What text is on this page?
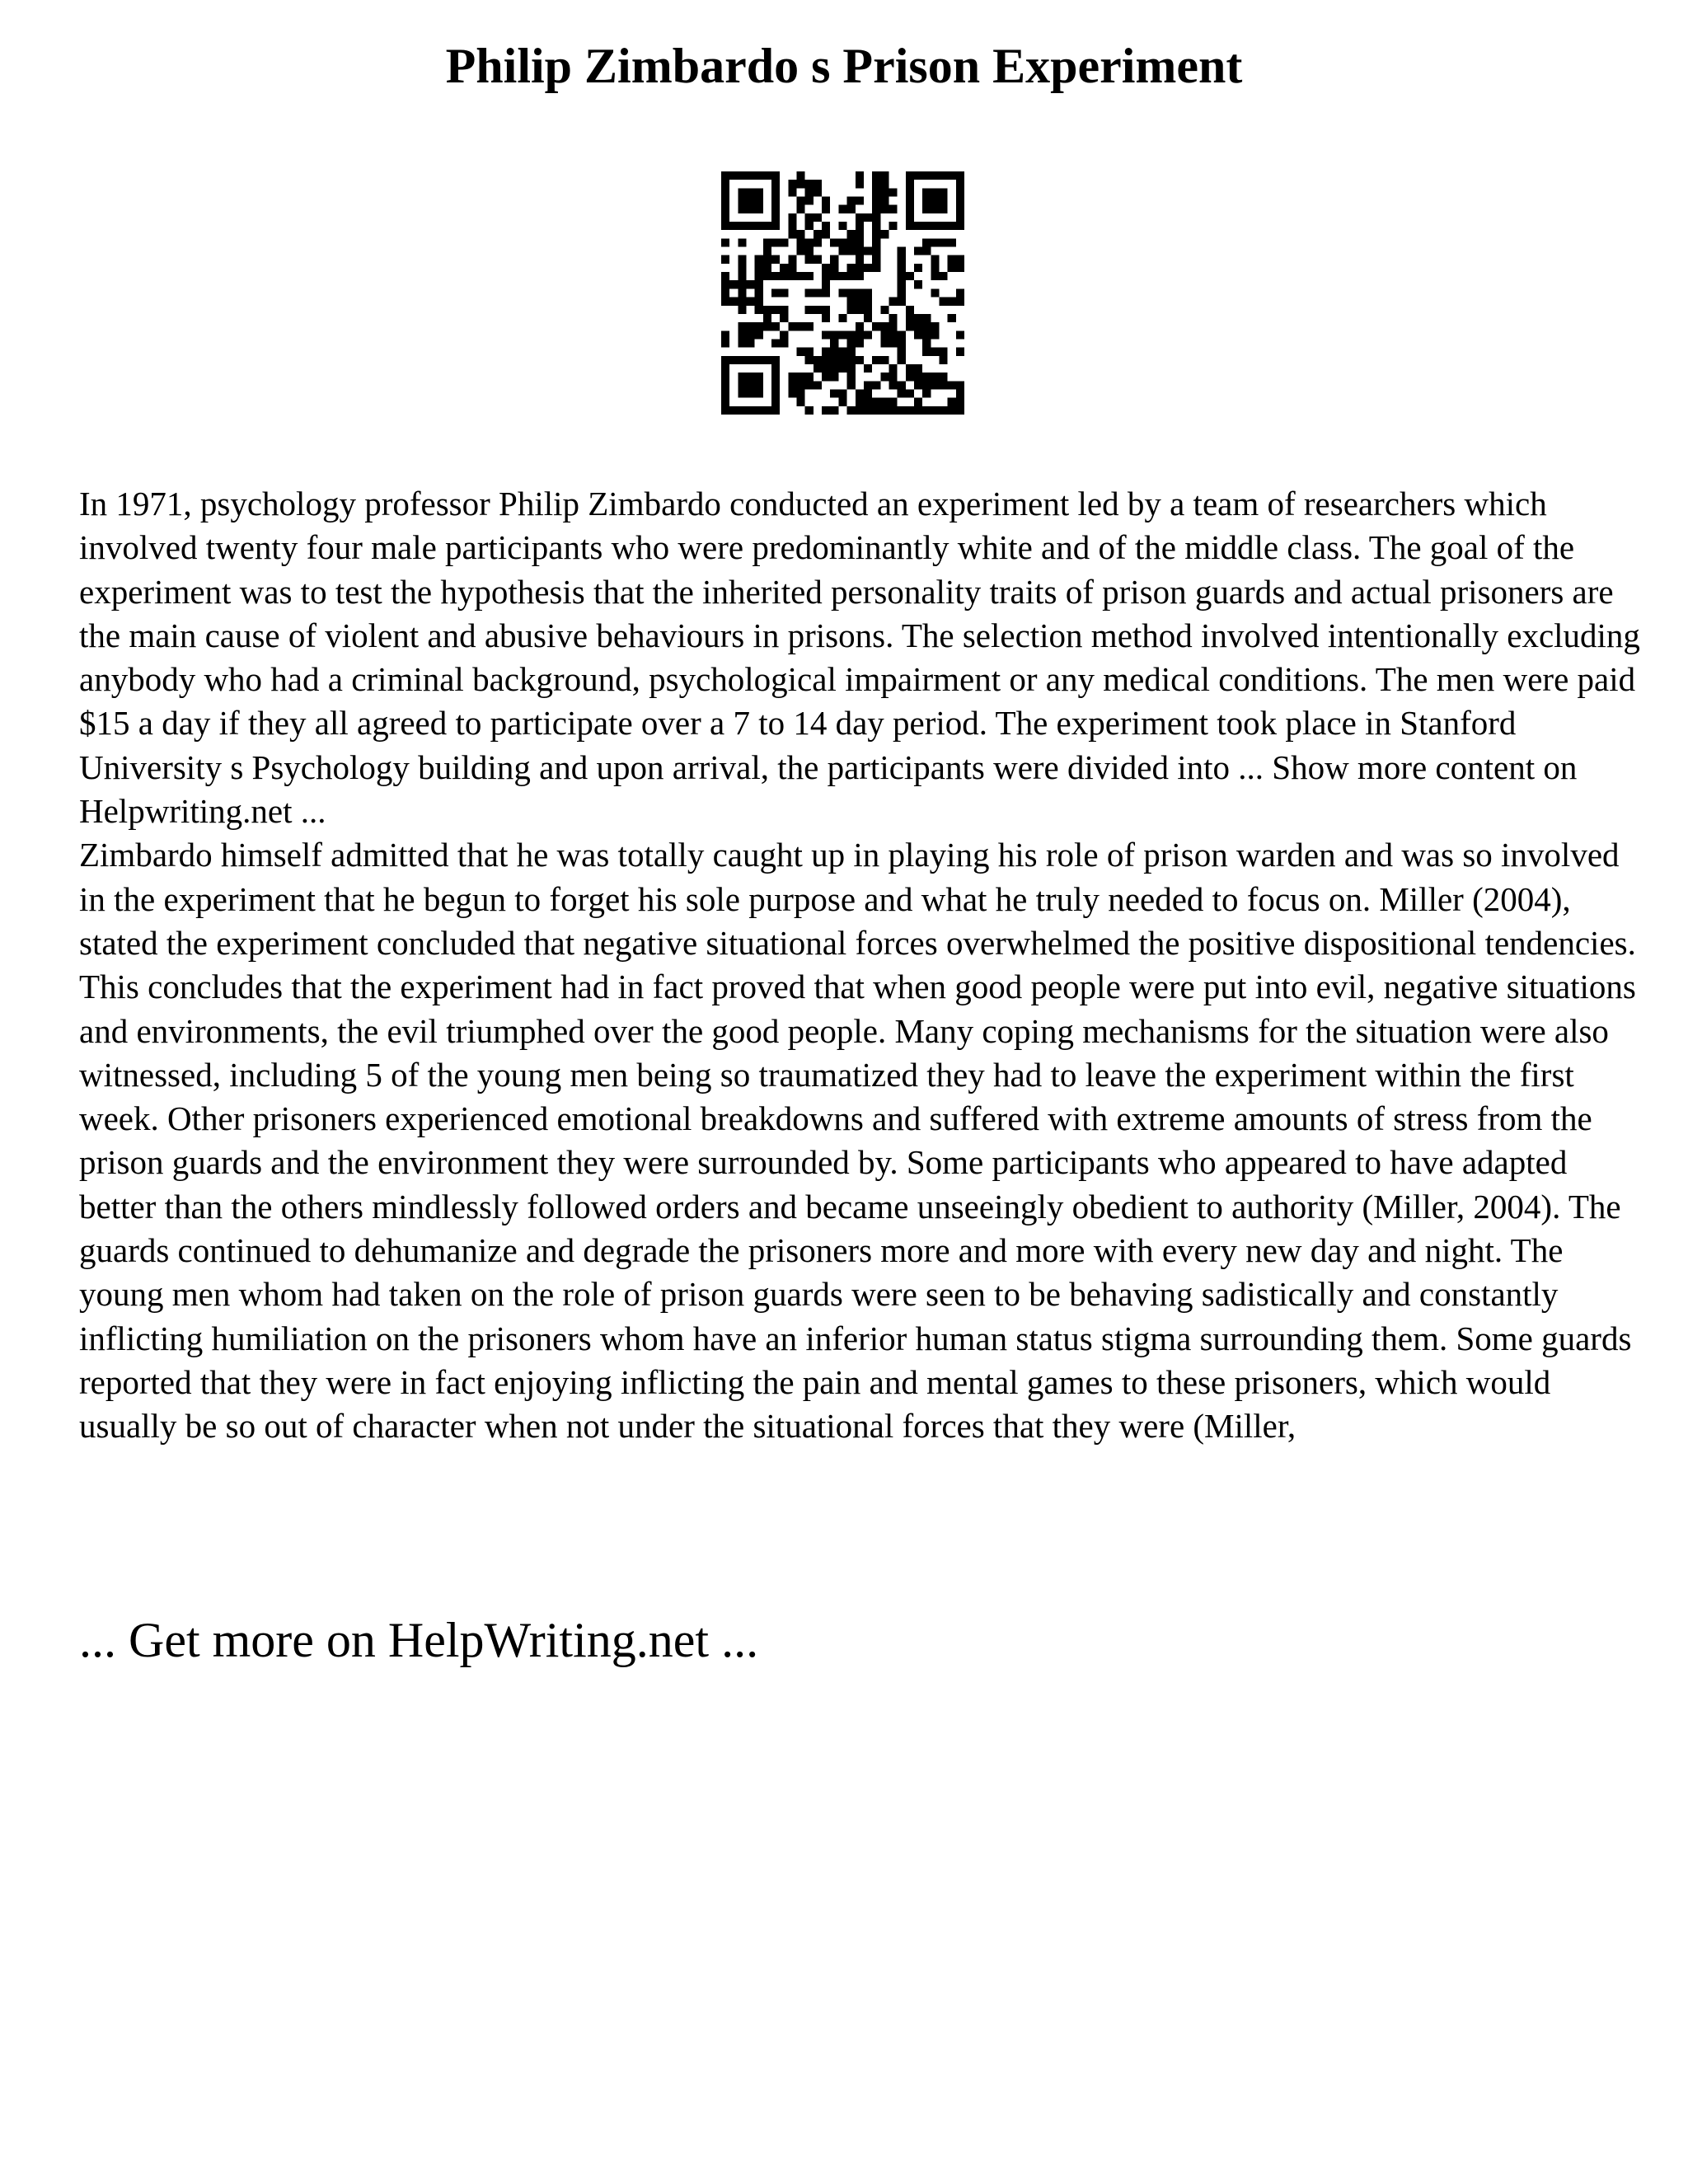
Philip Zimbardo s Prison Experiment

In 1971, psychology professor Philip Zimbardo conducted an experiment led by a team of researchers which involved twenty four male participants who were predominantly white and of the middle class. The goal of the experiment was to test the hypothesis that the inherited personality traits of prison guards and actual prisoners are the main cause of violent and abusive behaviours in prisons. The selection method involved intentionally excluding anybody who had a criminal background, psychological impairment or any medical conditions. The men were paid $15 a day if they all agreed to participate over a 7 to 14 day period. The experiment took place in Stanford University s Psychology building and upon arrival, the participants were divided into ... Show more content on Helpwriting.net ...

Zimbardo himself admitted that he was totally caught up in playing his role of prison warden and was so involved in the experiment that he begun to forget his sole purpose and what he truly needed to focus on. Miller (2004), stated the experiment concluded that negative situational forces overwhelmed the positive dispositional tendencies. This concludes that the experiment had in fact proved that when good people were put into evil, negative situations and environments, the evil triumphed over the good people. Many coping mechanisms for the situation were also witnessed, including 5 of the young men being so traumatized they had to leave the experiment within the first week. Other prisoners experienced emotional breakdowns and suffered with extreme amounts of stress from the prison guards and the environment they were surrounded by. Some participants who appeared to have adapted better than the others mindlessly followed orders and became unseeingly obedient to authority (Miller, 2004). The guards continued to dehumanize and degrade the prisoners more and more with every new day and night. The young men whom had taken on the role of prison guards were seen to be behaving sadistically and constantly inflicting humiliation on the prisoners whom have an inferior human status stigma surrounding them. Some guards reported that they were in fact enjoying inflicting the pain and mental games to these prisoners, which would usually be so out of character when not under the situational forces that they were (Miller,

... Get more on HelpWriting.net ...
